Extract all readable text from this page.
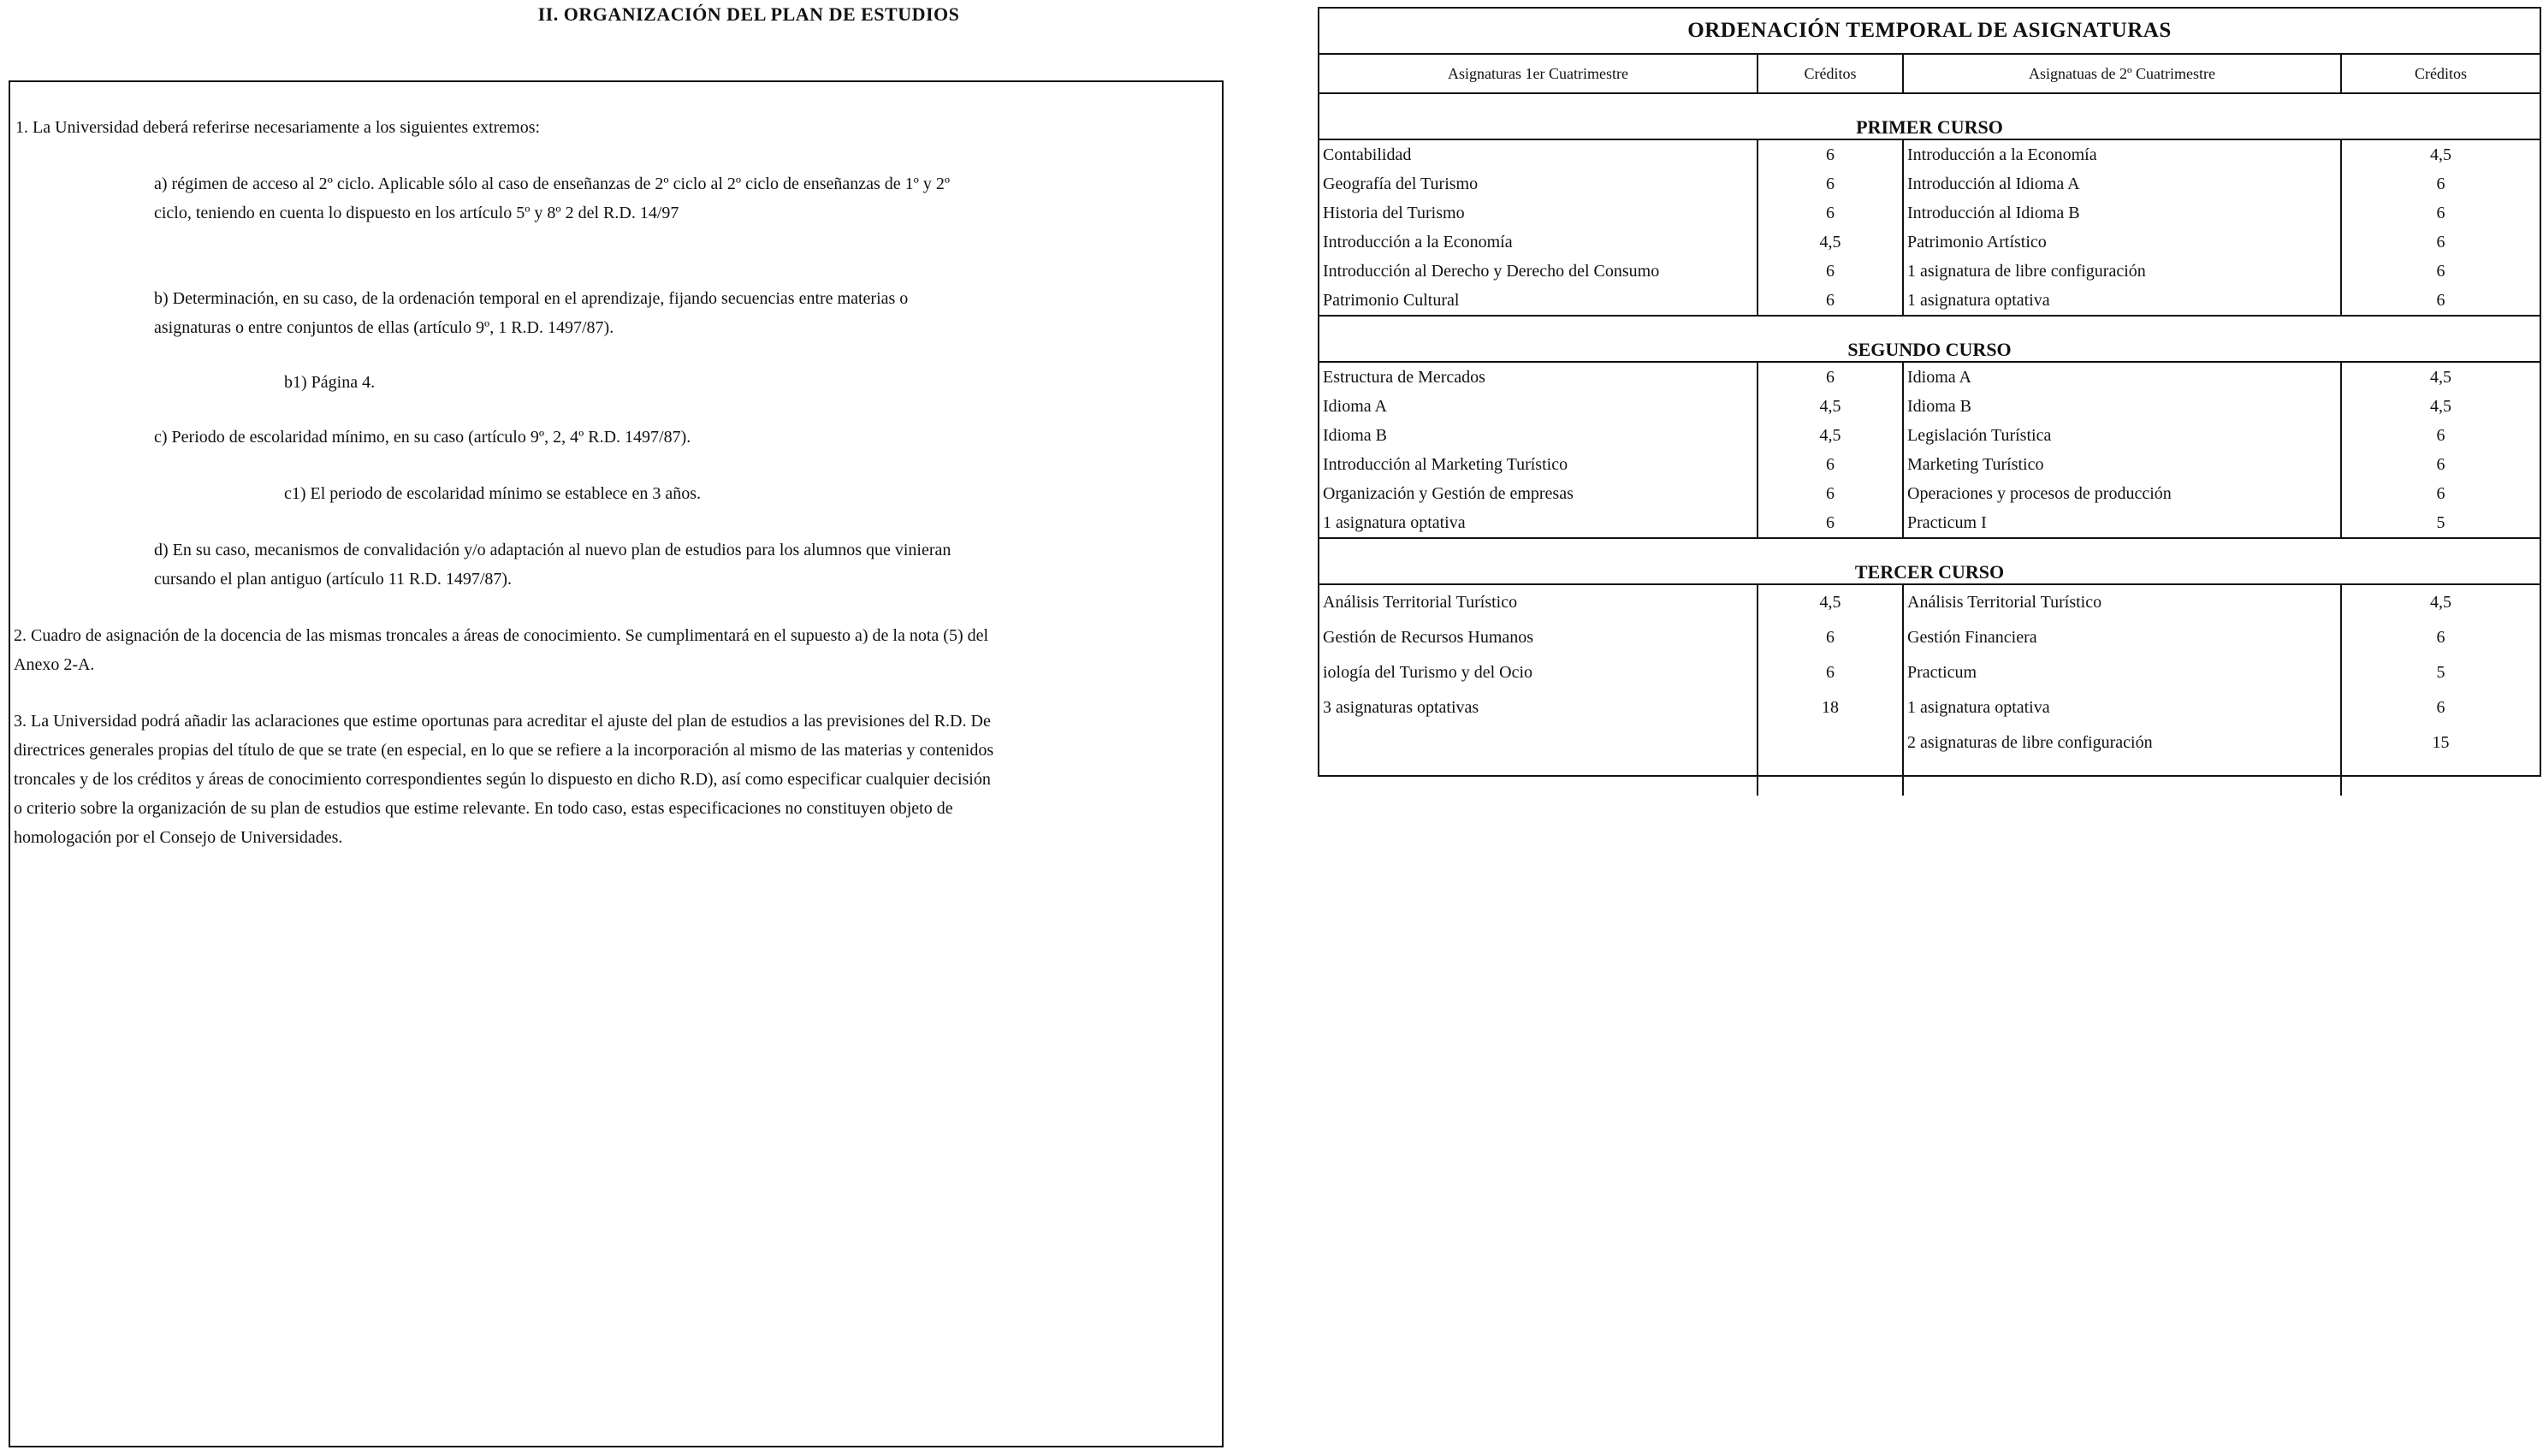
II. ORGANIZACIÓN DEL PLAN DE ESTUDIOS

1. La Universidad deberá referirse necesariamente a los siguientes extremos:

a) régimen de acceso al 2º ciclo. Aplicable sólo al caso de enseñanzas de 2º ciclo al 2º ciclo de enseñanzas de 1º y 2º ciclo, teniendo en cuenta lo dispuesto en los artículo 5º y 8º 2 del R.D. 14/97

b) Determinación, en su caso, de la ordenación temporal en el aprendizaje, fijando secuencias entre materias o asignaturas o entre conjuntos de ellas (artículo 9º, 1 R.D. 1497/87).

b1) Página 4.

c) Periodo de escolaridad mínimo, en su caso (artículo 9º, 2, 4º R.D. 1497/87).

c1) El periodo de escolaridad mínimo se establece en 3 años.

d) En su caso, mecanismos de convalidación y/o adaptación al nuevo plan de estudios para los alumnos que vinieran cursando el plan antiguo (artículo 11 R.D. 1497/87).

2. Cuadro de asignación de la docencia de las mismas troncales a áreas de conocimiento. Se cumplimentará en el supuesto a) de la nota (5) del Anexo 2-A.

3. La Universidad podrá añadir las aclaraciones que estime oportunas para acreditar el ajuste del plan de estudios a las previsiones del R.D. De directrices generales propias del título de que se trate (en especial, en lo que se refiere a la incorporación al mismo de las materias y contenidos troncales y de los créditos y áreas de conocimiento correspondientes según lo dispuesto en dicho R.D), así como especificar cualquier decisión o criterio sobre la organización de su plan de estudios que estime relevante. En todo caso, estas especificaciones no constituyen objeto de homologación por el Consejo de Universidades.

ORDENACIÓN TEMPORAL DE ASIGNATURAS			
Asignaturas 1er Cuatrimestre	Créditos	Asignatuas de 2º Cuatrimestre	Créditos
PRIMER CURSO			
Contabilidad	6	Introducción a la Economía	4,5
Geografía del Turismo	6	Introducción al Idioma A	6
Historia del Turismo	6	Introducción al Idioma B	6
Introducción a la Economía	4,5	Patrimonio Artístico	6
Introducción al Derecho y Derecho del Consumo	6	1 asignatura de libre configuración	6
Patrimonio Cultural	6	1 asignatura optativa	6
SEGUNDO CURSO			
Estructura de Mercados	6	Idioma A	4,5
Idioma A	4,5	Idioma B	4,5
Idioma B	4,5	Legislación Turística	6
Introducción al Marketing Turístico	6	Marketing Turístico	6
Organización y Gestión de empresas	6	Operaciones y procesos de producción	6
1 asignatura optativa	6	Practicum I	5
TERCER CURSO			
Análisis Territorial Turístico	4,5	Análisis Territorial Turístico	4,5
Gestión de Recursos Humanos	6	Gestión Financiera	6
iología del Turismo y del Ocio	6	Practicum	5
3 asignaturas optativas	18	1 asignatura optativa	6
		2 asignaturas de libre configuración	15
